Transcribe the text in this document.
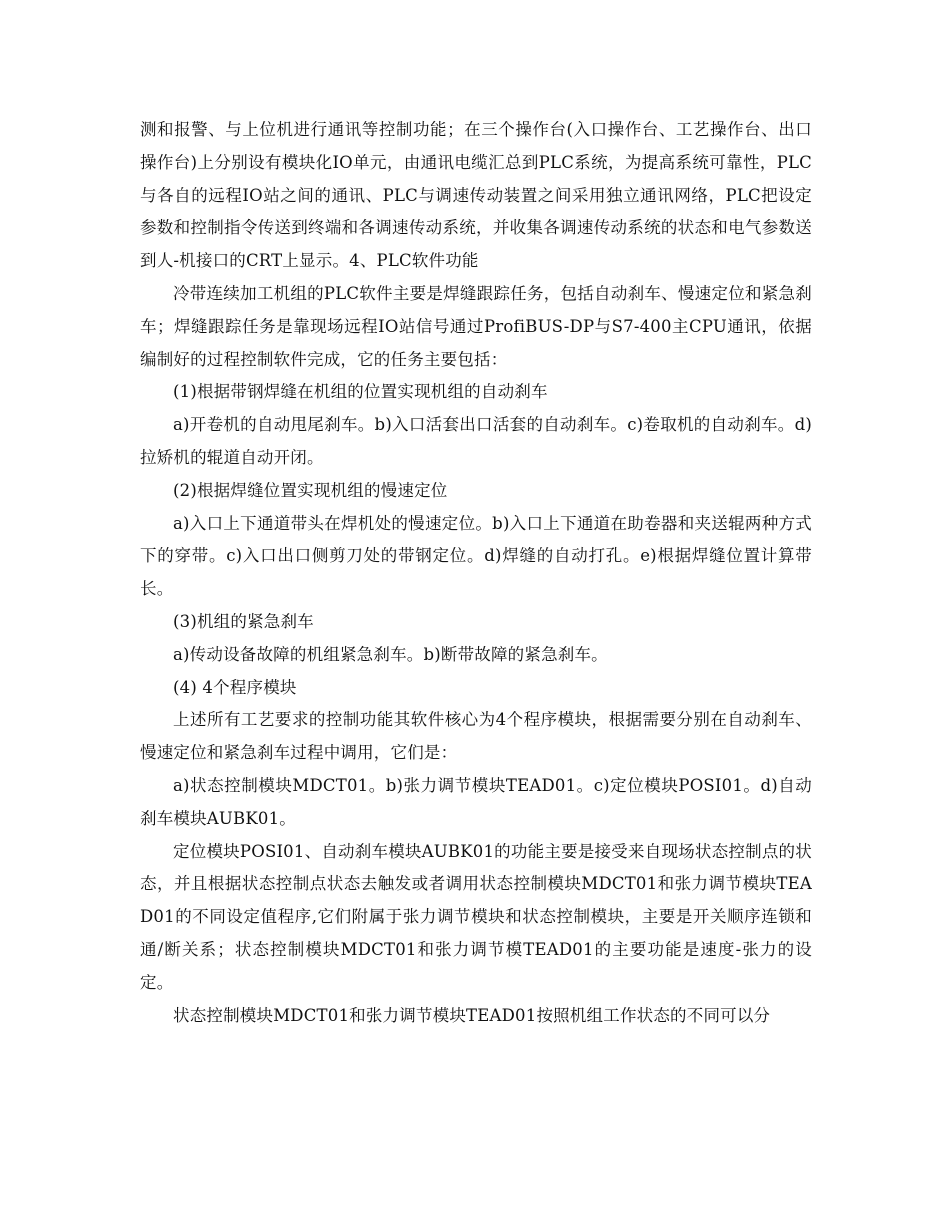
测和报警、与上位机进行通讯等控制功能；在三个操作台(入口操作台、工艺操作台、出口操作台)上分别设有模块化IO单元，由通讯电缆汇总到PLC系统，为提高系统可靠性，PLC与各自的远程IO站之间的通讯、PLC与调速传动装置之间采用独立通讯网络，PLC把设定参数和控制指令传送到终端和各调速传动系统，并收集各调速传动系统的状态和电气参数送到人-机接口的CRT上显示。4、PLC软件功能

冷带连续加工机组的PLC软件主要是焊缝跟踪任务，包括自动刹车、慢速定位和紧急刹车；焊缝跟踪任务是靠现场远程IO站信号通过ProfiBUS-DP与S7-400主CPU通讯，依据编制好的过程控制软件完成，它的任务主要包括：

(1)根据带钢焊缝在机组的位置实现机组的自动刹车

a)开卷机的自动甩尾刹车。b)入口活套出口活套的自动刹车。c)卷取机的自动刹车。d)拉矫机的辊道自动开闭。

(2)根据焊缝位置实现机组的慢速定位

a)入口上下通道带头在焊机处的慢速定位。b)入口上下通道在助卷器和夹送辊两种方式下的穿带。c)入口出口侧剪刀处的带钢定位。d)焊缝的自动打孔。e)根据焊缝位置计算带长。

(3)机组的紧急刹车

a)传动设备故障的机组紧急刹车。b)断带故障的紧急刹车。

(4) 4个程序模块

上述所有工艺要求的控制功能其软件核心为4个程序模块，根据需要分别在自动刹车、慢速定位和紧急刹车过程中调用，它们是：

a)状态控制模块MDCT01。b)张力调节模块TEAD01。c)定位模块POSI01。d)自动刹车模块AUBK01。

定位模块POSI01、自动刹车模块AUBK01的功能主要是接受来自现场状态控制点的状态，并且根据状态控制点状态去触发或者调用状态控制模块MDCT01和张力调节模块TEAD01的不同设定值程序,它们附属于张力调节模块和状态控制模块，主要是开关顺序连锁和通/断关系；状态控制模块MDCT01和张力调节模TEAD01的主要功能是速度-张力的设定。

状态控制模块MDCT01和张力调节模块TEAD01按照机组工作状态的不同可以分
